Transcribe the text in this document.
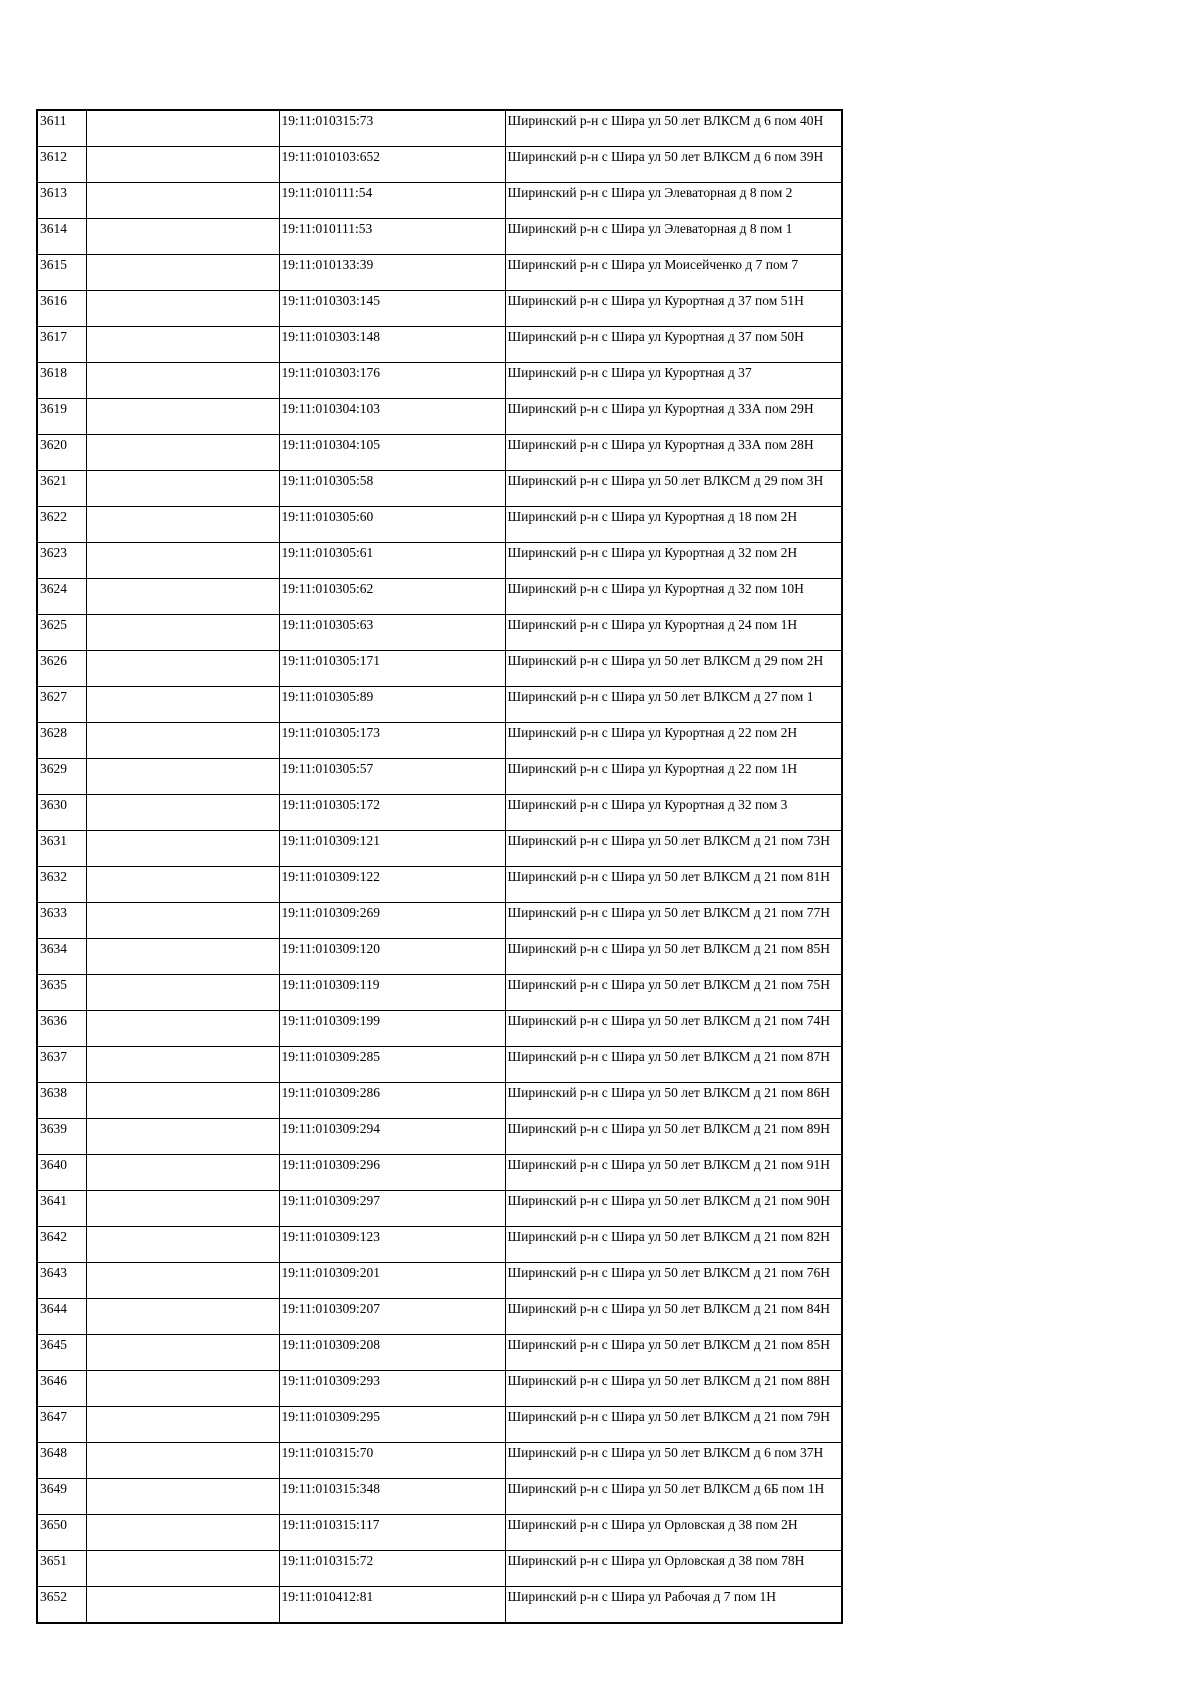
3611		19:11:010315:73	Ширинский р-н с Шира ул 50 лет ВЛКСМ д 6 пом 40Н
3612		19:11:010103:652	Ширинский р-н с Шира ул 50 лет ВЛКСМ д 6 пом 39Н
3613		19:11:010111:54	Ширинский р-н с Шира ул Элеваторная д 8 пом 2
3614		19:11:010111:53	Ширинский р-н с Шира ул Элеваторная д 8 пом 1
3615		19:11:010133:39	Ширинский р-н с Шира ул Моисейченко д 7 пом 7
3616		19:11:010303:145	Ширинский р-н с Шира ул Курортная д 37 пом 51Н
3617		19:11:010303:148	Ширинский р-н с Шира ул Курортная д 37 пом 50Н
3618		19:11:010303:176	Ширинский р-н с Шира ул Курортная д 37
3619		19:11:010304:103	Ширинский р-н с Шира ул Курортная д 33А пом 29Н
3620		19:11:010304:105	Ширинский р-н с Шира ул Курортная д 33А пом 28Н
3621		19:11:010305:58	Ширинский р-н с Шира ул 50 лет ВЛКСМ д 29 пом 3Н
3622		19:11:010305:60	Ширинский р-н с Шира ул Курортная д 18 пом 2Н
3623		19:11:010305:61	Ширинский р-н с Шира ул Курортная д 32 пом 2Н
3624		19:11:010305:62	Ширинский р-н с Шира ул Курортная д 32 пом 10Н
3625		19:11:010305:63	Ширинский р-н с Шира ул Курортная д 24 пом 1Н
3626		19:11:010305:171	Ширинский р-н с Шира ул 50 лет ВЛКСМ д 29 пом 2Н
3627		19:11:010305:89	Ширинский р-н с Шира ул 50 лет ВЛКСМ д 27 пом 1
3628		19:11:010305:173	Ширинский р-н с Шира ул Курортная д 22 пом 2Н
3629		19:11:010305:57	Ширинский р-н с Шира ул Курортная д 22 пом 1Н
3630		19:11:010305:172	Ширинский р-н с Шира ул Курортная д 32 пом 3
3631		19:11:010309:121	Ширинский р-н с Шира ул 50 лет ВЛКСМ д 21 пом 73Н
3632		19:11:010309:122	Ширинский р-н с Шира ул 50 лет ВЛКСМ д 21 пом 81Н
3633		19:11:010309:269	Ширинский р-н с Шира ул 50 лет ВЛКСМ д 21 пом 77Н
3634		19:11:010309:120	Ширинский р-н с Шира ул 50 лет ВЛКСМ д 21 пом 85Н
3635		19:11:010309:119	Ширинский р-н с Шира ул 50 лет ВЛКСМ д 21 пом 75Н
3636		19:11:010309:199	Ширинский р-н с Шира ул 50 лет ВЛКСМ д 21 пом 74Н
3637		19:11:010309:285	Ширинский р-н с Шира ул 50 лет ВЛКСМ д 21 пом 87Н
3638		19:11:010309:286	Ширинский р-н с Шира ул 50 лет ВЛКСМ д 21 пом 86Н
3639		19:11:010309:294	Ширинский р-н с Шира ул 50 лет ВЛКСМ д 21 пом 89Н
3640		19:11:010309:296	Ширинский р-н с Шира ул 50 лет ВЛКСМ д 21 пом 91Н
3641		19:11:010309:297	Ширинский р-н с Шира ул 50 лет ВЛКСМ д 21 пом 90Н
3642		19:11:010309:123	Ширинский р-н с Шира ул 50 лет ВЛКСМ д 21 пом 82Н
3643		19:11:010309:201	Ширинский р-н с Шира ул 50 лет ВЛКСМ д 21 пом 76Н
3644		19:11:010309:207	Ширинский р-н с Шира ул 50 лет ВЛКСМ д 21 пом 84Н
3645		19:11:010309:208	Ширинский р-н с Шира ул 50 лет ВЛКСМ д 21 пом 85Н
3646		19:11:010309:293	Ширинский р-н с Шира ул 50 лет ВЛКСМ д 21 пом 88Н
3647		19:11:010309:295	Ширинский р-н с Шира ул 50 лет ВЛКСМ д 21 пом 79Н
3648		19:11:010315:70	Ширинский р-н с Шира ул 50 лет ВЛКСМ д 6 пом 37Н
3649		19:11:010315:348	Ширинский р-н с Шира ул 50 лет ВЛКСМ д 6Б пом 1Н
3650		19:11:010315:117	Ширинский р-н с Шира ул Орловская д 38 пом 2Н
3651		19:11:010315:72	Ширинский р-н с Шира ул Орловская д 38 пом 78Н
3652		19:11:010412:81	Ширинский р-н с Шира ул Рабочая д 7 пом 1Н
